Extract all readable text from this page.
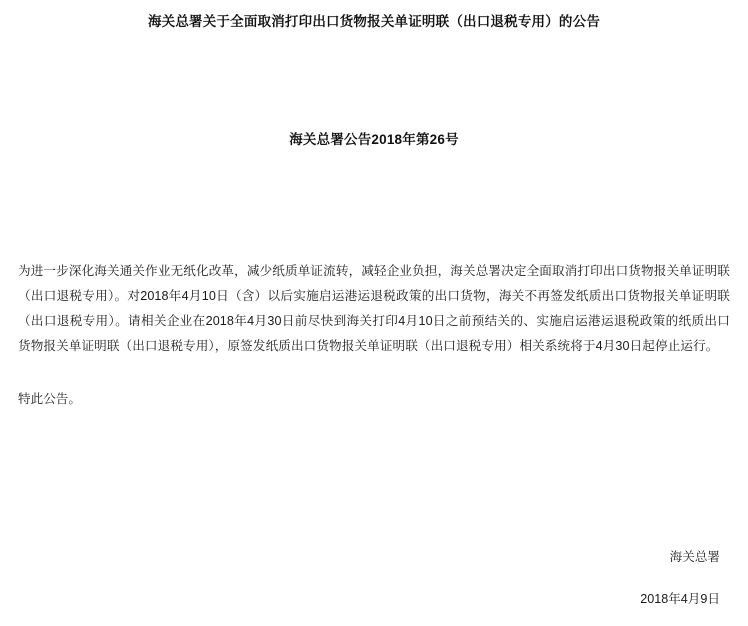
海关总署关于全面取消打印出口货物报关单证明联（出口退税专用）的公告
海关总署公告2018年第26号

为进一步深化海关通关作业无纸化改革，减少纸质单证流转，减轻企业负担，海关总署决定全面取消打印出口货物报关单证明联（出口退税专用）。对2018年4月10日（含）以后实施启运港运退税政策的出口货物，海关不再签发纸质出口货物报关单证明联（出口退税专用）。请相关企业在2018年4月30日前尽快到海关打印4月10日之前预结关的、实施启运港运退税政策的纸质出口货物报关单证明联（出口退税专用），原签发纸质出口货物报关单证明联（出口退税专用）相关系统将于4月30日起停止运行。

特此公告。
海关总署
2018年4月9日
